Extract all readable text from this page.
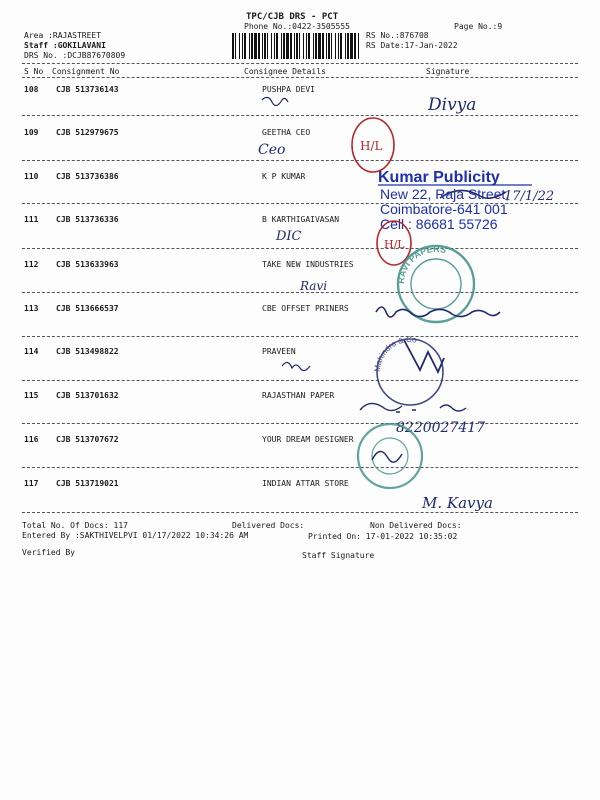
TPC/CJB DRS - PCT
Phone No.:0422-3505555	Page No.:9
Area :RAJASTREET
Staff :GOKILAVANI
DRS No. :DCJB87670809
RS No.:876708
RS Date:17-Jan-2022
S No Consignment No	Consignee Details	Signature
108 CJB 513736143	PUSHPA DEVI
109 CJB 512979675	GEETHA CEO
110 CJB 513736386	K P KUMAR
111 CJB 513736336	B KARTHIGAIVASAN
112 CJB 513633963	TAKE NEW INDUSTRIES
113 CJB 513666537	CBE OFFSET PRINERS
114 CJB 513498822	PRAVEEN
115 CJB 513701632	RAJASTHAN PAPER
116 CJB 513707672	YOUR DREAM DESIGNER
117 CJB 513719021	INDIAN ATTAR STORE
Total No. Of Docs: 117	Delivered Docs:	Non Delivered Docs:
Entered By :SAKTHIVELPVI 01/17/2022 10:34:26 AM	Printed On: 17-01-2022 10:35:02
Verified By	Staff Signature
Divya
Ceo	H/L
Kumar Publicity
New 22, Raja Street,
Coimbatore-641 001
Cell : 86681 55726
17/1/22
DIC
H/L
RAVI PAPERS
Ravi
Mahindra & Co
8220027417
M. Kavya
